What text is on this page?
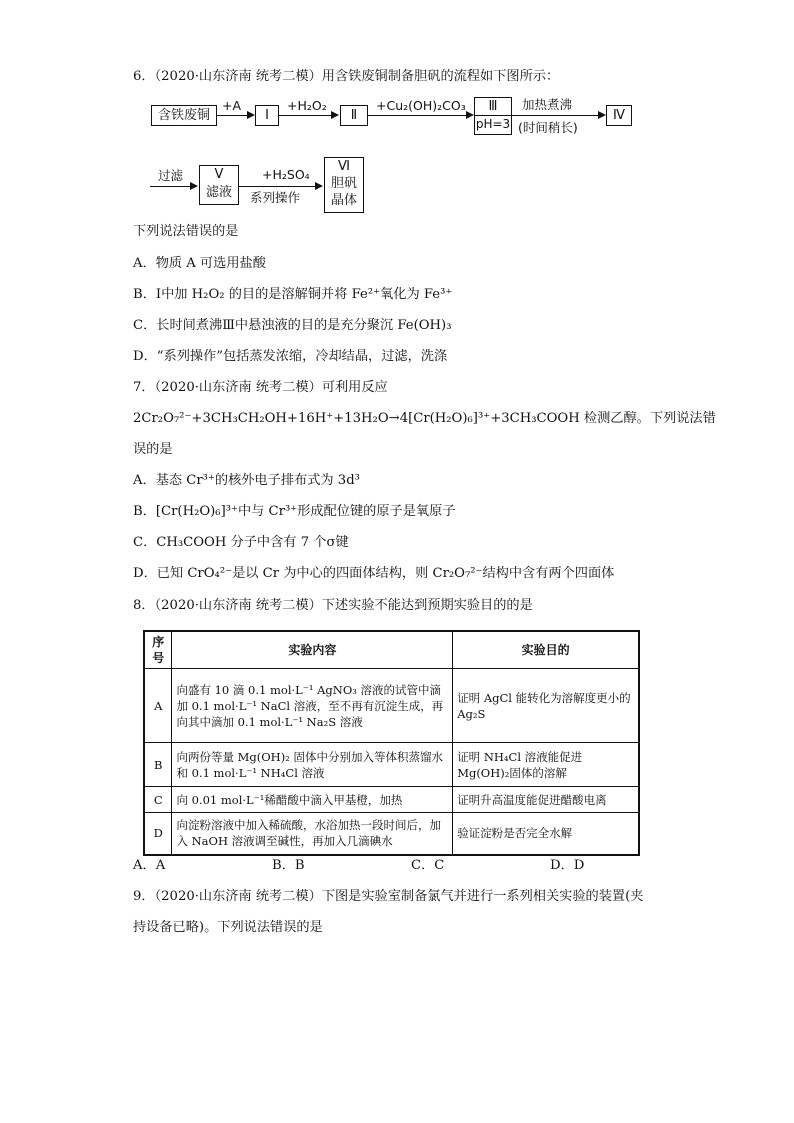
6．（2020·山东济南 统考二模）用含铁废铜制备胆矾的流程如下图所示：
含铁废铜
+A
Ⅰ
+H₂O₂
Ⅱ
+Cu₂(OH)₂CO₃	Ⅲ
pH=3
加热煮沸
(时间稍长)
Ⅳ
过滤	Ⅴ
滤液
+H₂SO₄
系列操作
Ⅵ
胆矾
晶体
下列说法错误的是
A．物质 A 可选用盐酸
B．Ⅰ中加 H₂O₂ 的目的是溶解铜并将 Fe²⁺氧化为 Fe³⁺
C．长时间煮沸Ⅲ中悬浊液的目的是充分聚沉 Fe(OH)₃
D．“系列操作”包括蒸发浓缩，冷却结晶，过滤，洗涤
7．（2020·山东济南 统考二模）可利用反应
2Cr₂O₇²⁻+3CH₃CH₂OH+16H⁺+13H₂O→4[Cr(H₂O)₆]³⁺+3CH₃COOH 检测乙醇。下列说法错
误的是
A．基态 Cr³⁺的核外电子排布式为 3d³
B．[Cr(H₂O)₆]³⁺中与 Cr³⁺形成配位键的原子是氧原子
C．CH₃COOH 分子中含有 7 个σ键
D．已知 CrO₄²⁻是以 Cr 为中心的四面体结构，则 Cr₂O₇²⁻结构中含有两个四面体
8．（2020·山东济南 统考二模）下述实验不能达到预期实验目的的是
序号	实验内容	实验目的
A	向盛有 10 滴 0.1 mol·L⁻¹ AgNO₃ 溶液的试管中滴加 0.1 mol·L⁻¹ NaCl 溶液，至不再有沉淀生成，再向其中滴加 0.1 mol·L⁻¹ Na₂S 溶液	证明 AgCl 能转化为溶解度更小的 Ag₂S
B	向两份等量 Mg(OH)₂ 固体中分别加入等体积蒸馏水和 0.1 mol·L⁻¹ NH₄Cl 溶液	证明 NH₄Cl 溶液能促进Mg(OH)₂固体的溶解
C	向 0.01 mol·L⁻¹稀醋酸中滴入甲基橙，加热	证明升高温度能促进醋酸电离
D	向淀粉溶液中加入稀硫酸，水浴加热一段时间后，加入 NaOH 溶液调至碱性，再加入几滴碘水	验证淀粉是否完全水解
A．A	B．B	C．C	D．D
9．（2020·山东济南 统考二模）下图是实验室制备氯气并进行一系列相关实验的装置(夹
持设备已略)。下列说法错误的是
